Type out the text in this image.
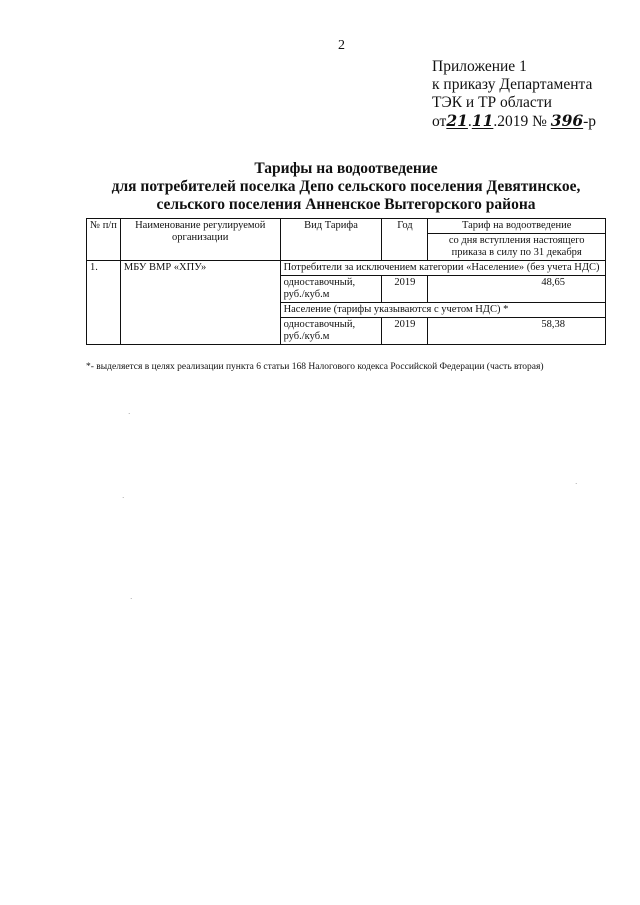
2
Приложение 1
к приказу Департамента
ТЭК и ТР области
от21.11.2019 № 396-р
Тарифы на водоотведение
для потребителей поселка Депо сельского поселения Девятинское,
сельского поселения Анненское Вытегорского района
№ п/п	Наименование регулируемой организации	Вид Тарифа	Год	Тариф на водоотведение
				со дня вступления настоящего приказа в силу по 31 декабря
1.	МБУ ВМР «ХПУ»	Потребители за исключением категории «Население» (без учета НДС)		
		одноставочный, руб./куб.м	2019	48,65
		Население (тарифы указываются с учетом НДС) *		
		одноставочный, руб./куб.м	2019	58,38
*- выделяется в целях реализации пункта 6 статьи 168 Налогового кодекса Российской Федерации (часть вторая)
·
·
·
·
